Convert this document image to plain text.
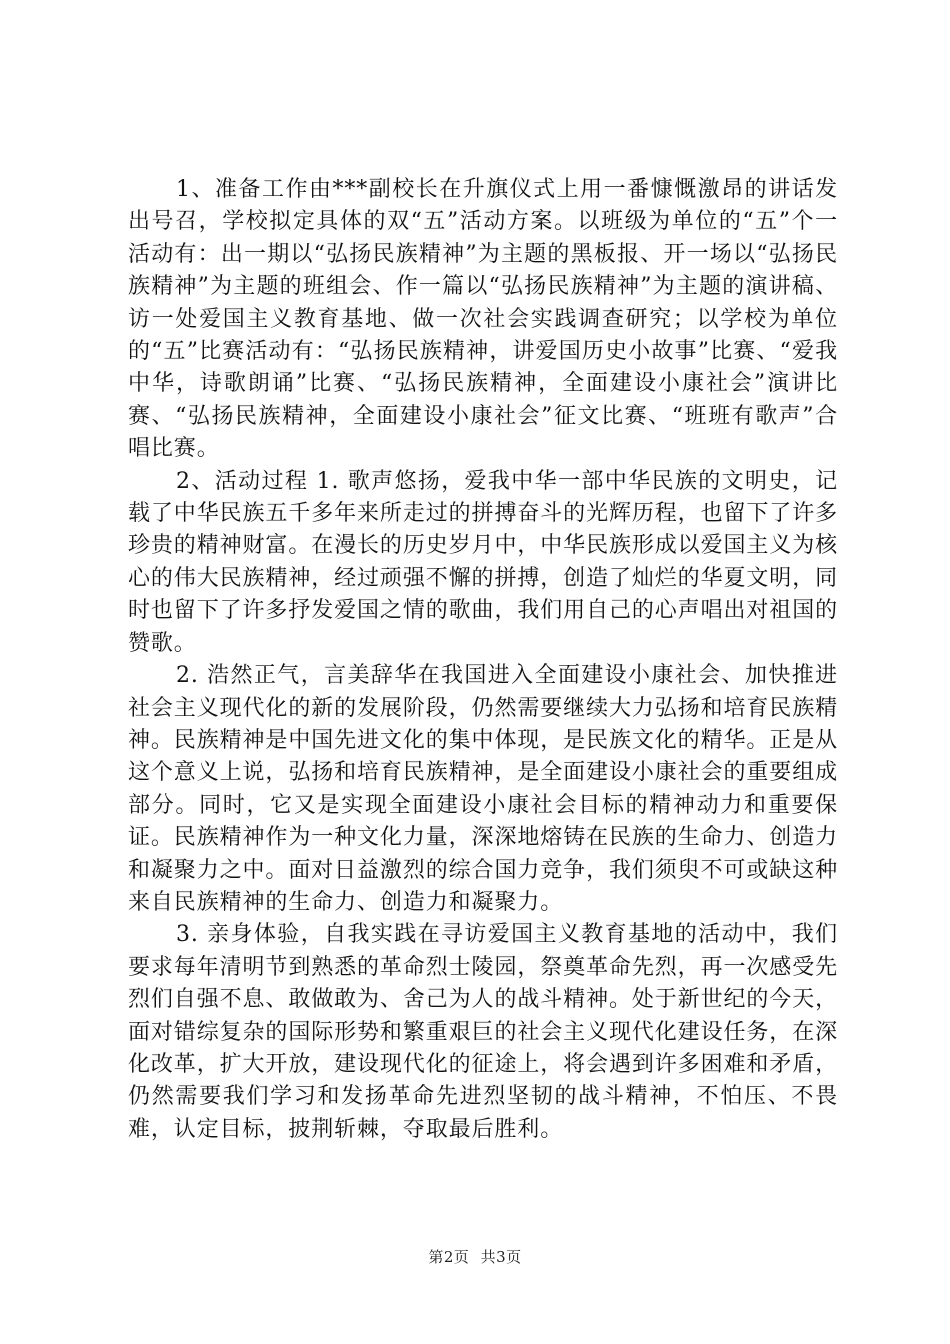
1、准备工作由***副校长在升旗仪式上用一番慷慨激昂的讲话发出号召，学校拟定具体的双“五”活动方案。以班级为单位的“五”个一活动有：出一期以“弘扬民族精神”为主题的黑板报、开一场以“弘扬民族精神”为主题的班组会、作一篇以“弘扬民族精神”为主题的演讲稿、访一处爱国主义教育基地、做一次社会实践调查研究；以学校为单位的“五”比赛活动有：“弘扬民族精神，讲爱国历史小故事”比赛、“爱我中华，诗歌朗诵”比赛、“弘扬民族精神，全面建设小康社会”演讲比赛、“弘扬民族精神，全面建设小康社会”征文比赛、“班班有歌声”合唱比赛。

2、活动过程 1. 歌声悠扬，爱我中华一部中华民族的文明史，记载了中华民族五千多年来所走过的拼搏奋斗的光辉历程，也留下了许多珍贵的精神财富。在漫长的历史岁月中，中华民族形成以爱国主义为核心的伟大民族精神，经过顽强不懈的拼搏，创造了灿烂的华夏文明，同时也留下了许多抒发爱国之情的歌曲，我们用自己的心声唱出对祖国的赞歌。

2. 浩然正气，言美辞华在我国进入全面建设小康社会、加快推进社会主义现代化的新的发展阶段，仍然需要继续大力弘扬和培育民族精神。民族精神是中国先进文化的集中体现，是民族文化的精华。正是从这个意义上说，弘扬和培育民族精神，是全面建设小康社会的重要组成部分。同时，它又是实现全面建设小康社会目标的精神动力和重要保证。民族精神作为一种文化力量，深深地熔铸在民族的生命力、创造力和凝聚力之中。面对日益激烈的综合国力竞争，我们须臾不可或缺这种来自民族精神的生命力、创造力和凝聚力。

3. 亲身体验，自我实践在寻访爱国主义教育基地的活动中，我们要求每年清明节到熟悉的革命烈士陵园，祭奠革命先烈，再一次感受先烈们自强不息、敢做敢为、舍己为人的战斗精神。处于新世纪的今天，面对错综复杂的国际形势和繁重艰巨的社会主义现代化建设任务，在深化改革，扩大开放，建设现代化的征途上，将会遇到许多困难和矛盾，仍然需要我们学习和发扬革命先进烈坚韧的战斗精神，不怕压、不畏难，认定目标，披荆斩棘，夺取最后胜利。

第2页 共3页
